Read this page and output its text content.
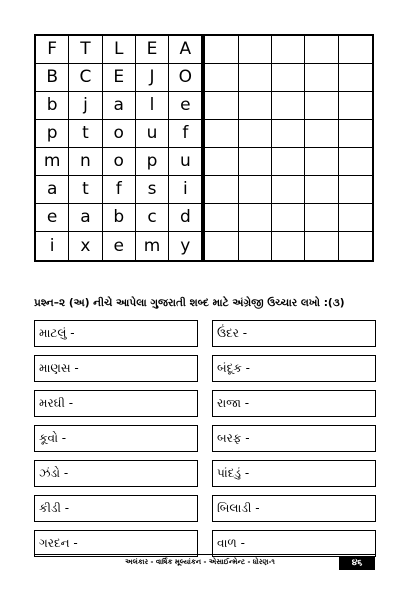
F	T	L	E	A
B	C	E	J	O
b	j	a	l	e
p	t	o	u	f
m	n	o	p	u
a	t	f	s	i
e	a	b	c	d
i	x	e	m	y
પ્રશ્ન–૨ (અ) નીચે આપેલા ગુજરાતી શબ્દ માટે અંગ્રેજી ઉચ્ચાર લખો :(૩)
માટલું -
માણસ -
મરઘી -
કૂવો -
ઝંડો -
કીડી -
ગરદન -
ઉંદર -
બંદૂક -
રાજા -
બરફ -
પાંદડું -
બિલાડી -
વાળ -
અલંકાર - વાર્ષિક મૂલ્યાંકન - એસાઈન્મેન્ટ - ધોરણ-૧	૪૬
